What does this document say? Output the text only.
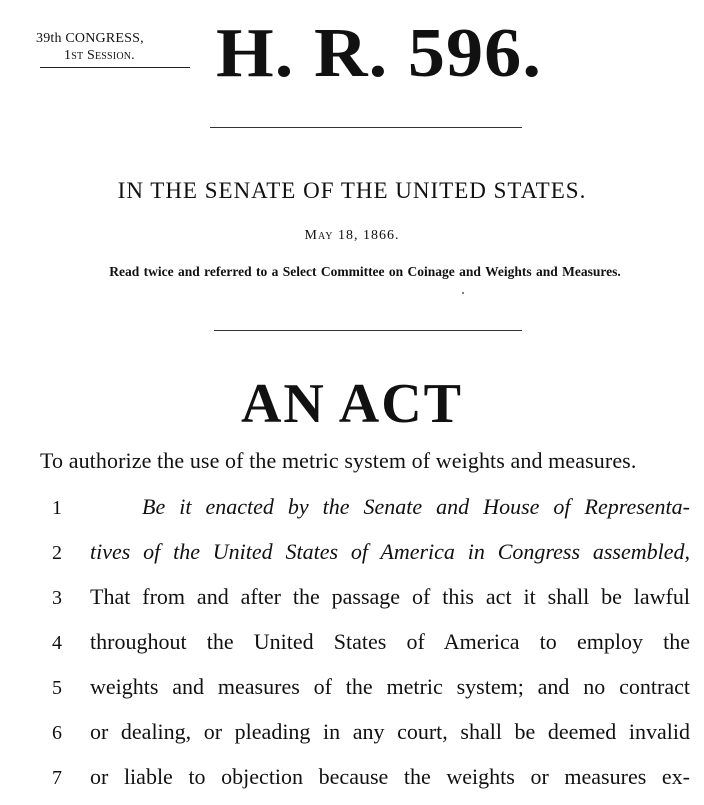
39th CONGRESS,
1st Session.	H. R. 596.
IN THE SENATE OF THE UNITED STATES.
May 18, 1866.
Read twice and referred to a Select Committee on Coinage and Weights and Measures.
AN ACT
To authorize the use of the metric system of weights and measures.
1	Be it enacted by the Senate and House of Representa-
2 tives of the United States of America in Congress assembled,
3 That from and after the passage of this act it shall be lawful
4 throughout the United States of America to employ the
5 weights and measures of the metric system; and no contract
6 or dealing, or pleading in any court, shall be deemed invalid
7 or liable to objection because the weights or measures ex-
